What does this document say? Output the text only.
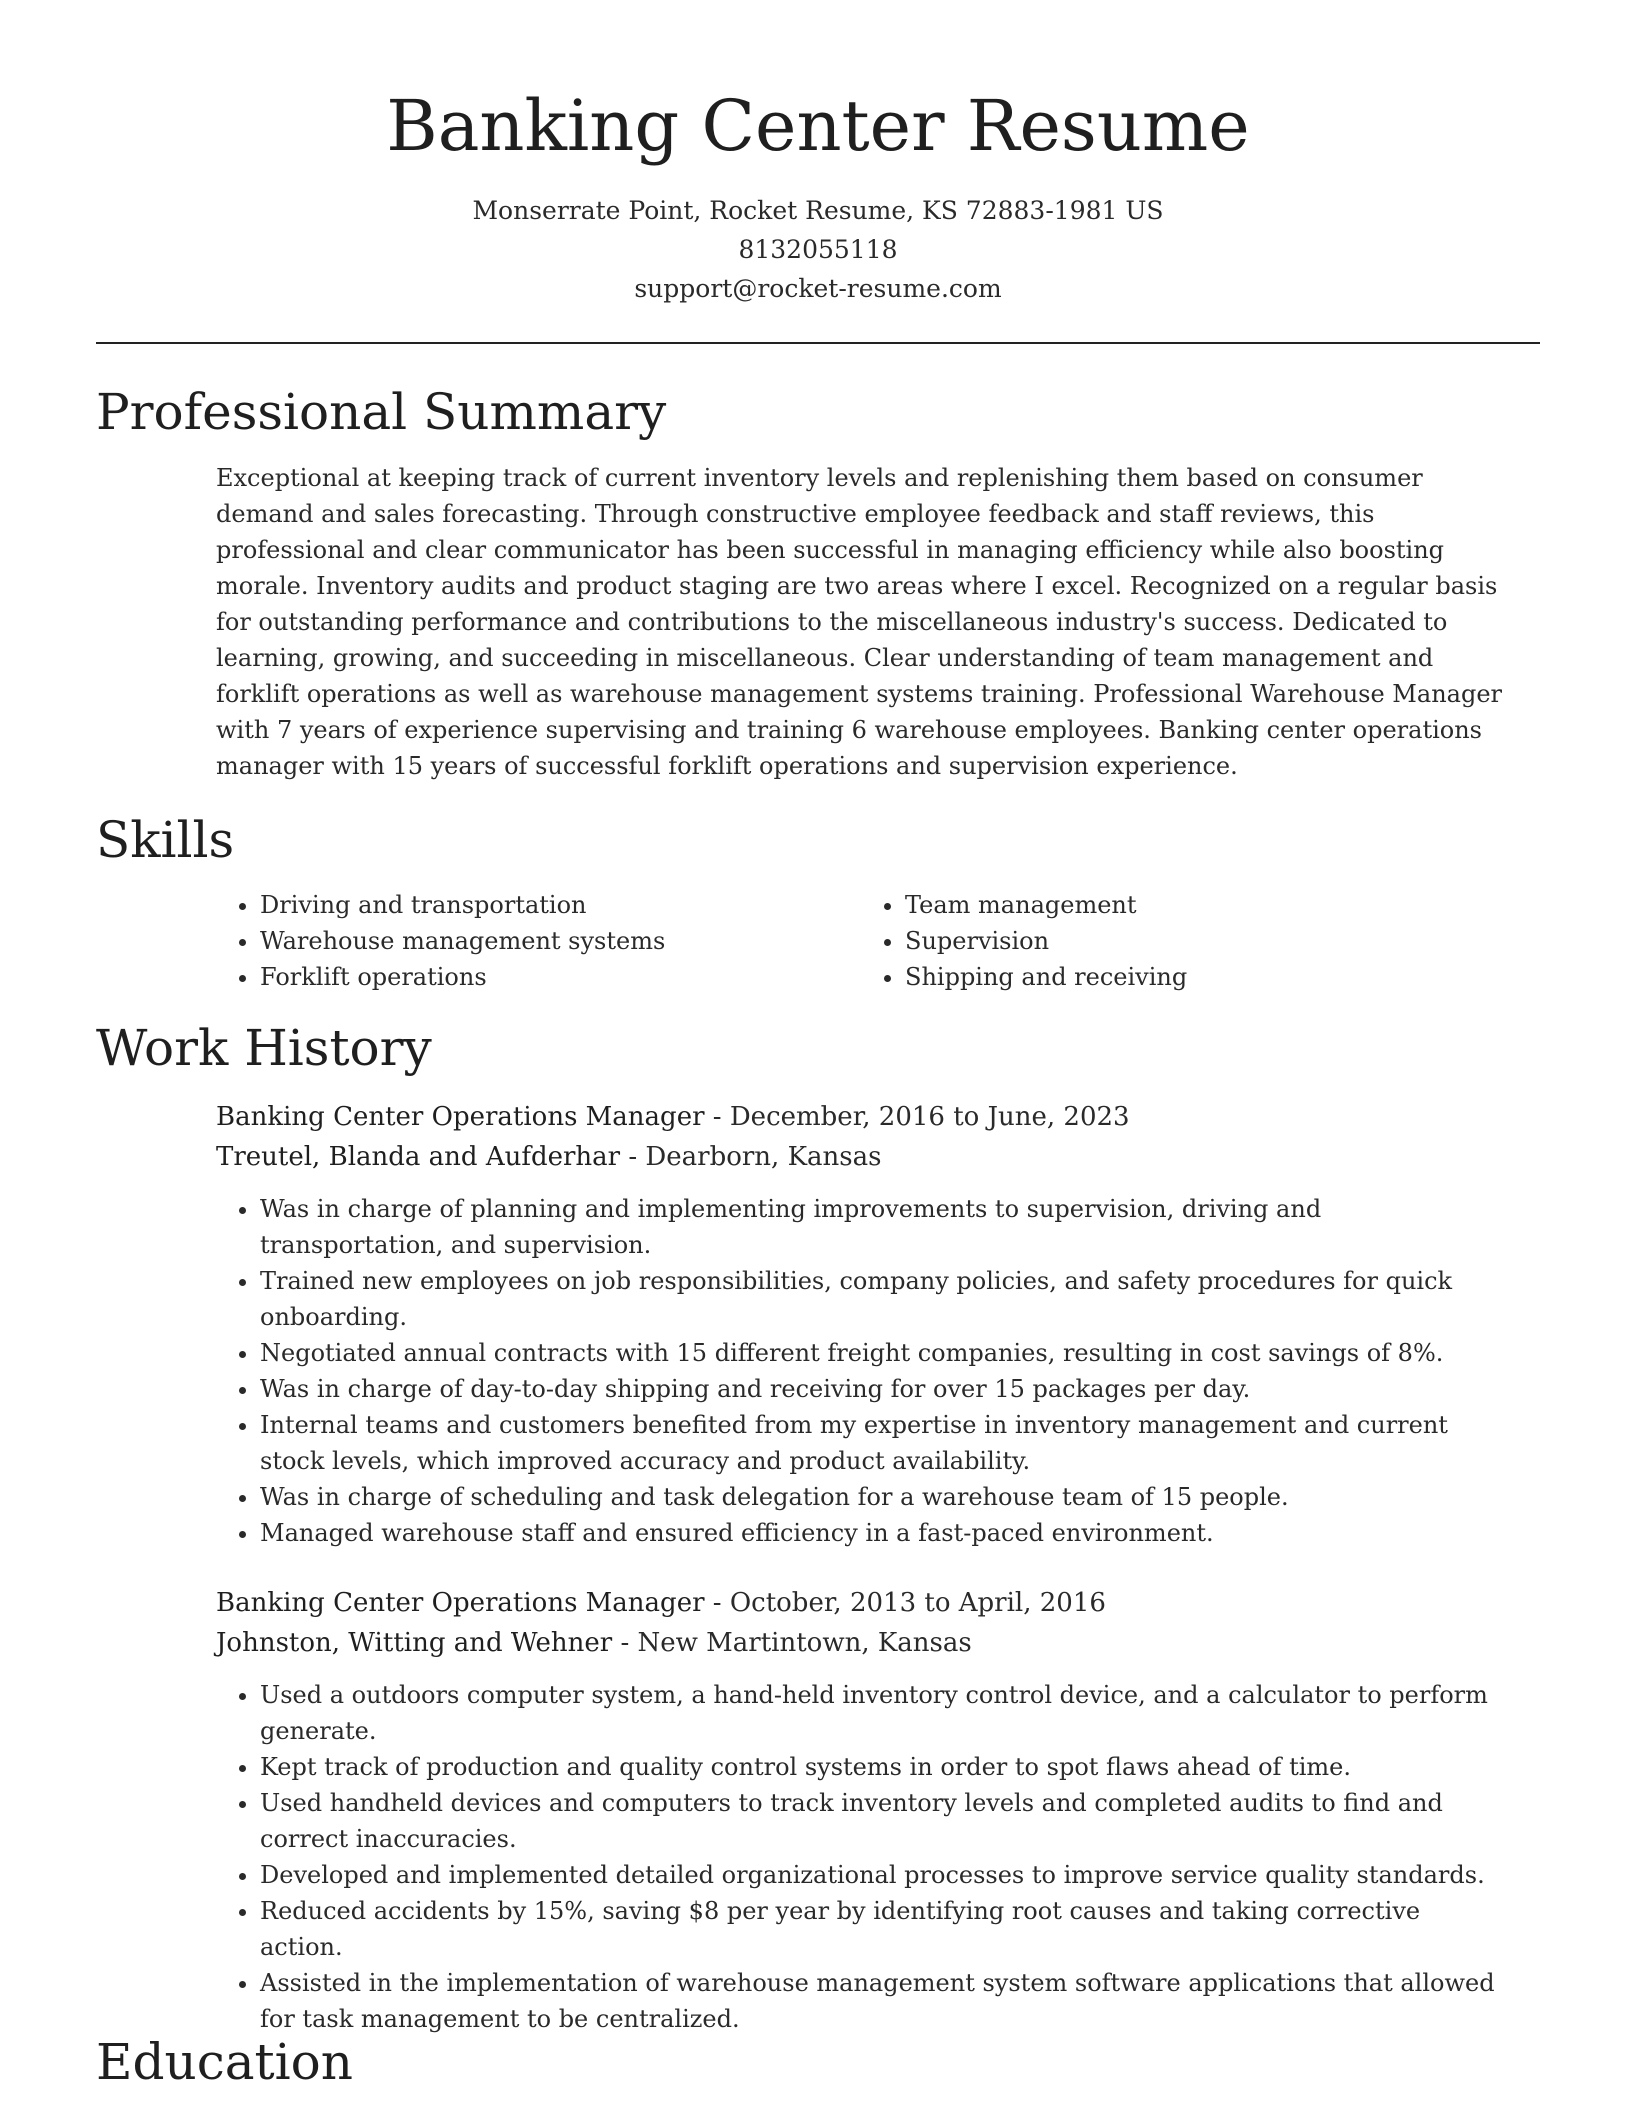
Banking Center Resume
Monserrate Point, Rocket Resume, KS 72883-1981 US
8132055118
support@rocket-resume.com
Professional Summary

Exceptional at keeping track of current inventory levels and replenishing them based on consumer demand and sales forecasting. Through constructive employee feedback and staff reviews, this professional and clear communicator has been successful in managing efficiency while also boosting morale. Inventory audits and product staging are two areas where I excel. Recognized on a regular basis for outstanding performance and contributions to the miscellaneous industry's success. Dedicated to learning, growing, and succeeding in miscellaneous. Clear understanding of team management and forklift operations as well as warehouse management systems training. Professional Warehouse Manager with 7 years of experience supervising and training 6 warehouse employees. Banking center operations manager with 15 years of successful forklift operations and supervision experience.

Skills
• Driving and transportation
• Warehouse management systems
• Forklift operations
• Team management
• Supervision
• Shipping and receiving
Work History
Banking Center Operations Manager - December, 2016 to June, 2023
Treutel, Blanda and Aufderhar - Dearborn, Kansas
• Was in charge of planning and implementing improvements to supervision, driving and transportation, and supervision.
• Trained new employees on job responsibilities, company policies, and safety procedures for quick onboarding.
• Negotiated annual contracts with 15 different freight companies, resulting in cost savings of 8%.
• Was in charge of day-to-day shipping and receiving for over 15 packages per day.
• Internal teams and customers benefited from my expertise in inventory management and current stock levels, which improved accuracy and product availability.
• Was in charge of scheduling and task delegation for a warehouse team of 15 people.
• Managed warehouse staff and ensured efficiency in a fast-paced environment.
Banking Center Operations Manager - October, 2013 to April, 2016
Johnston, Witting and Wehner - New Martintown, Kansas
• Used a outdoors computer system, a hand-held inventory control device, and a calculator to perform generate.
• Kept track of production and quality control systems in order to spot flaws ahead of time.
• Used handheld devices and computers to track inventory levels and completed audits to find and correct inaccuracies.
• Developed and implemented detailed organizational processes to improve service quality standards.
• Reduced accidents by 15%, saving $8 per year by identifying root causes and taking corrective action.
• Assisted in the implementation of warehouse management system software applications that allowed for task management to be centralized.
Education
